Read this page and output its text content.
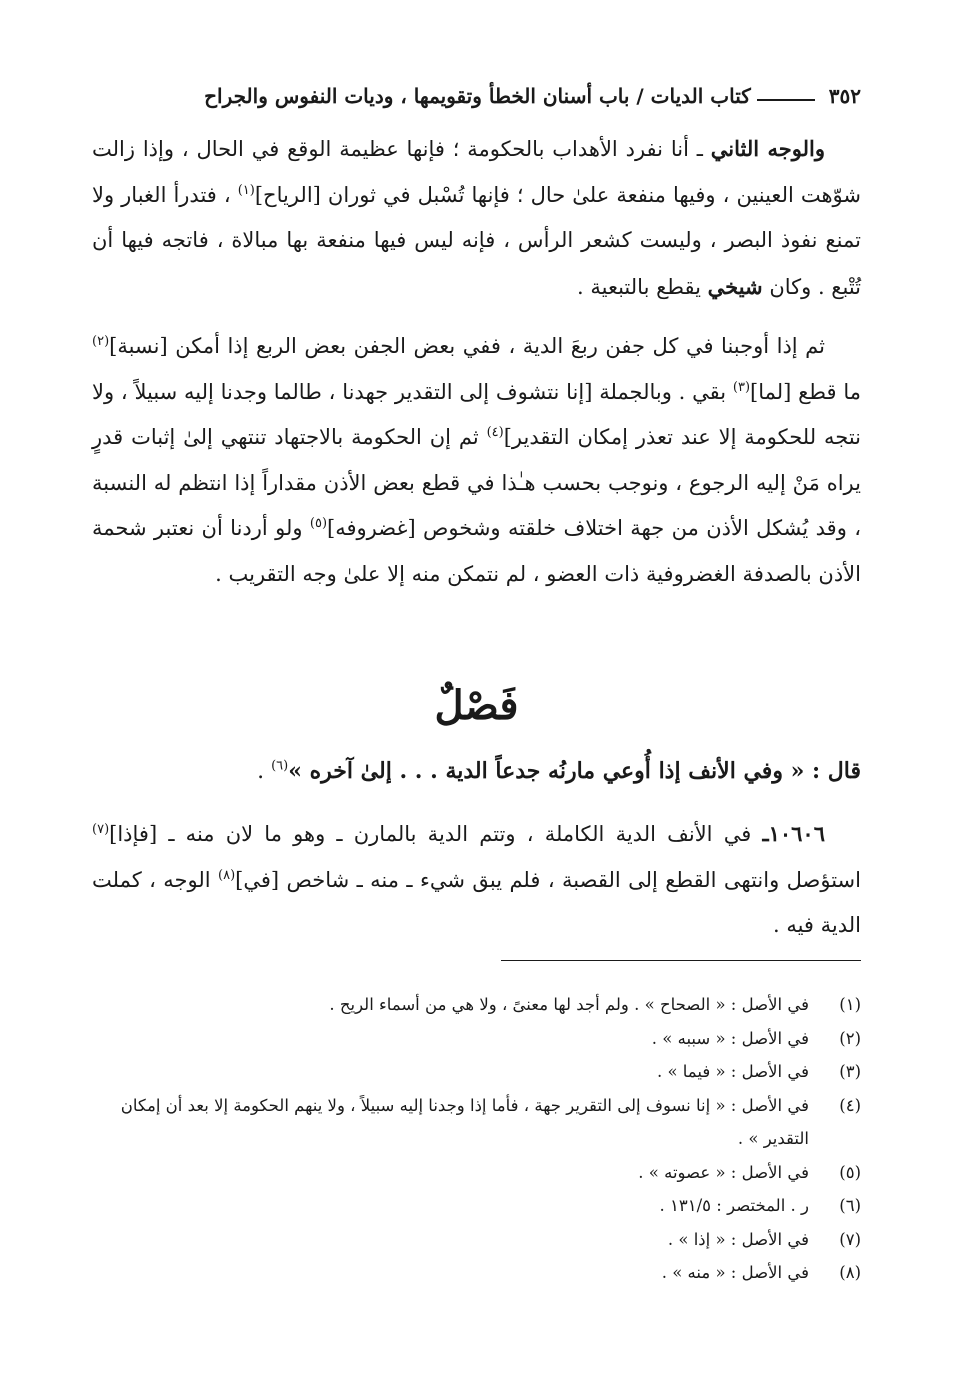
٣٥٢
كتاب الديات / باب أسنان الخطأ وتقويمها ، وديات النفوس والجراح

والوجه الثاني ـ أنا نفرد الأهداب بالحكومة ؛ فإنها عظيمة الوقع في الحال ، وإذا زالت شوّهت العينين ، وفيها منفعة علىٰ حال ؛ فإنها تُسْبل في ثوران [الرياح]$^{(١)}$ ، فتدرأ الغبار ولا تمنع نفوذ البصر ، وليست كشعر الرأس ، فإنه ليس فيها منفعة بها مبالاة ، فاتجه فيها أن تُتْبع . وكان شيخي يقطع بالتبعية .

ثم إذا أوجبنا في كل جفن ربعَ الدية ، ففي بعض الجفن بعض الربع إذا أمكن [نسبة]$^{(٢)}$ ما قطع [لما]$^{(٣)}$ بقي . وبالجملة [إنا نتشوف إلى التقدير جهدنا ، طالما وجدنا إليه سبيلاً ، ولا نتجه للحكومة إلا عند تعذر إمكان التقدير]$^{(٤)}$ ثم إن الحكومة بالاجتهاد تنتهي إلىٰ إثبات قدرٍ يراه مَنْ إليه الرجوع ، ونوجب بحسب هـٰذا في قطع بعض الأذن مقداراً إذا انتظم له النسبة ، وقد يُشكل الأذن من جهة اختلاف خلقته وشخوص [غضروفه]$^{(٥)}$ ولو أردنا أن نعتبر شحمة الأذن بالصدفة الغضروفية ذات العضو ، لم نتمكن منه إلا علىٰ وجه التقريب .

فَصْلٌ

قال : « وفي الأنف إذا أُوعي مارنُه جدعاً الدية . . . إلىٰ آخره »$^{(٦)}$ .

١٠٦٠٦ـ في الأنف الدية الكاملة ، وتتم الدية بالمارن ـ وهو ما لان منه ـ [فإذا]$^{(٧)}$ استؤصل وانتهى القطع إلى القصبة ، فلم يبق شيء ـ منه ـ شاخص [في]$^{(٨)}$ الوجه ، كملت الدية فيه .

(١)
في الأصل : « الصحاح » . ولم أجد لها معنىً ، ولا هي من أسماء الريح .
(٢)
في الأصل : « سببه » .
(٣)
في الأصل : « فيما » .
(٤)
في الأصل : « إنا نسوف إلى التقرير جهة ، فأما إذا وجدنا إليه سبيلاً ، ولا ينهم الحكومة إلا بعد أن إمكان التقدير » .
(٥)
في الأصل : « عصوته » .
(٦)
ر . المختصر : ١٣١/٥ .
(٧)
في الأصل : « إذا » .
(٨)
في الأصل : « منه » .
